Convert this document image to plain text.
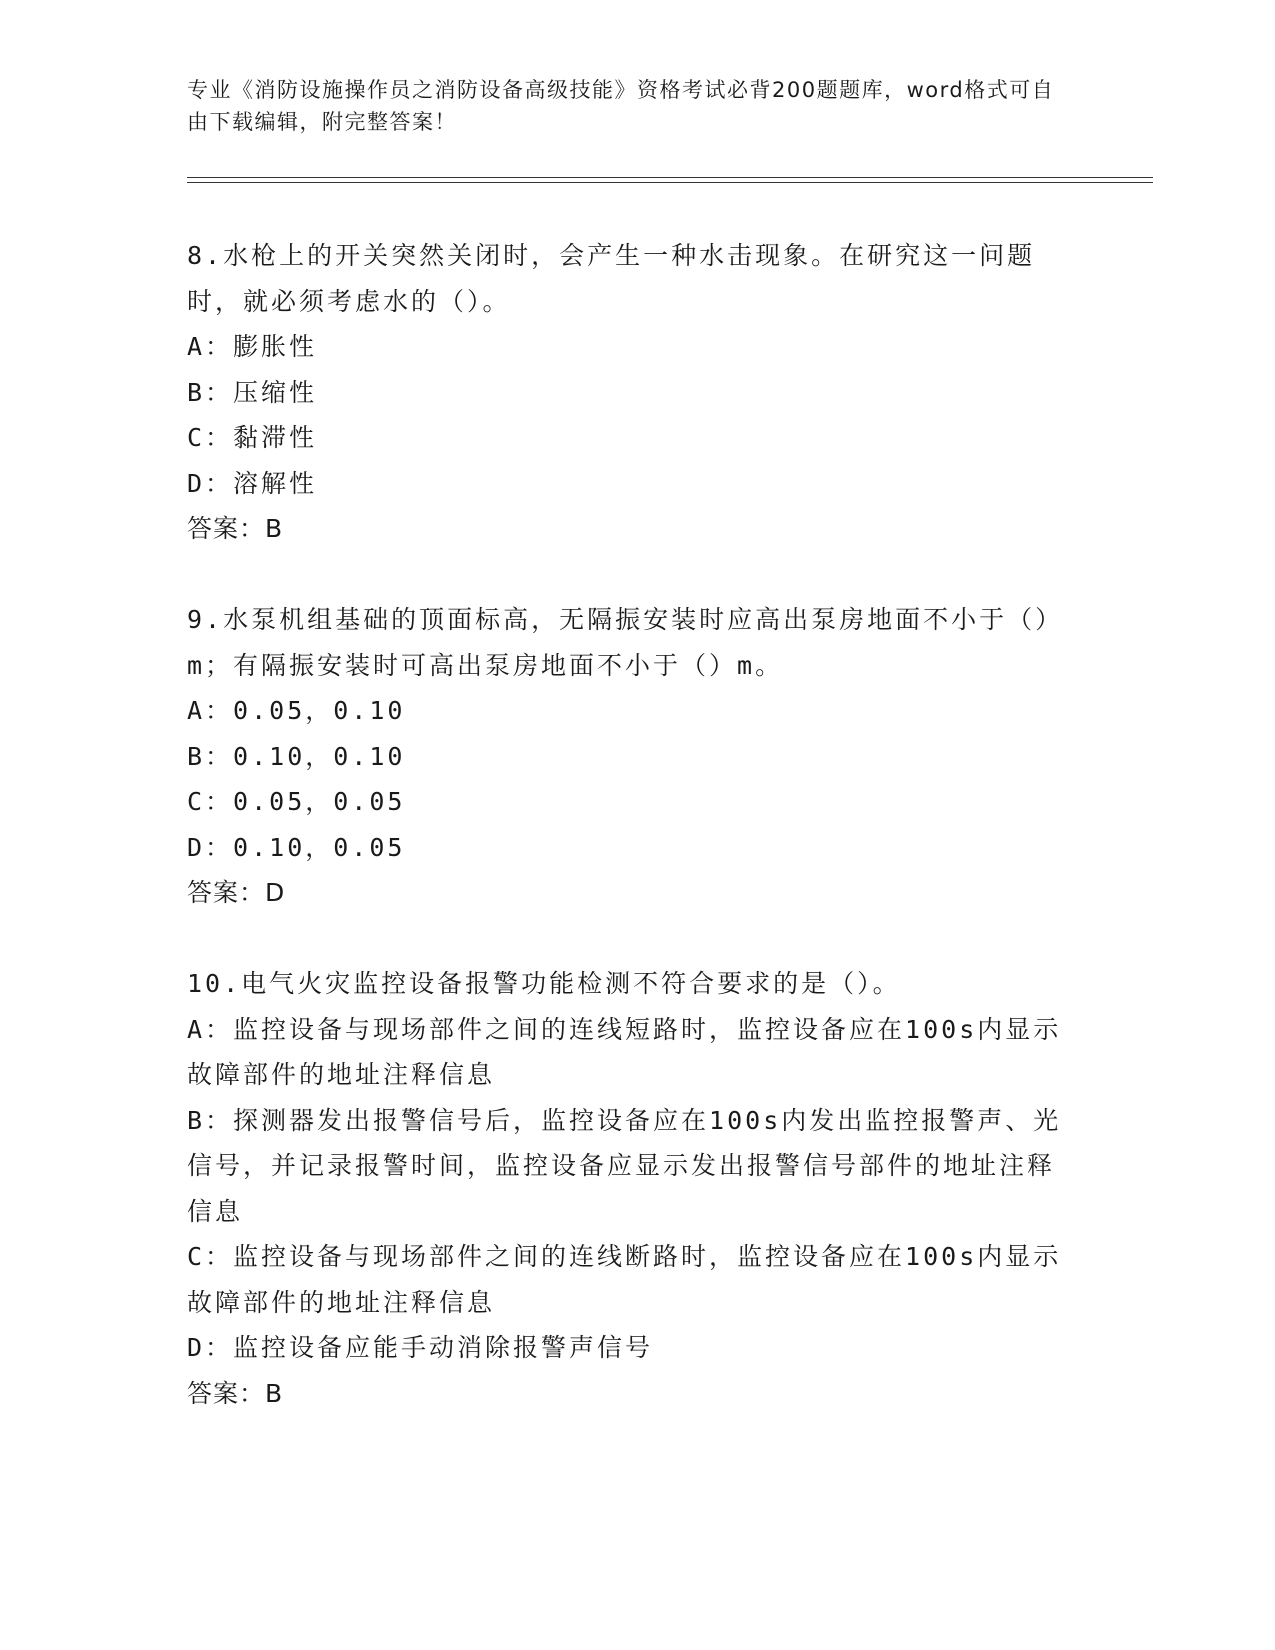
专业《消防设施操作员之消防设备高级技能》资格考试必背200题题库，word格式可自由下载编辑，附完整答案！

8.水枪上的开关突然关闭时，会产生一种水击现象。在研究这一问题时，就必须考虑水的（）。

A：膨胀性

B：压缩性

C：黏滞性

D：溶解性

答案：B

9.水泵机组基础的顶面标高，无隔振安装时应高出泵房地面不小于（）m；有隔振安装时可高出泵房地面不小于（）m。

A：0.05，0.10

B：0.10，0.10

C：0.05，0.05

D：0.10，0.05

答案：D

10.电气火灾监控设备报警功能检测不符合要求的是（）。

A：监控设备与现场部件之间的连线短路时，监控设备应在100s内显示故障部件的地址注释信息

B：探测器发出报警信号后，监控设备应在100s内发出监控报警声、光信号，并记录报警时间，监控设备应显示发出报警信号部件的地址注释信息

C：监控设备与现场部件之间的连线断路时，监控设备应在100s内显示故障部件的地址注释信息

D：监控设备应能手动消除报警声信号

答案：B
